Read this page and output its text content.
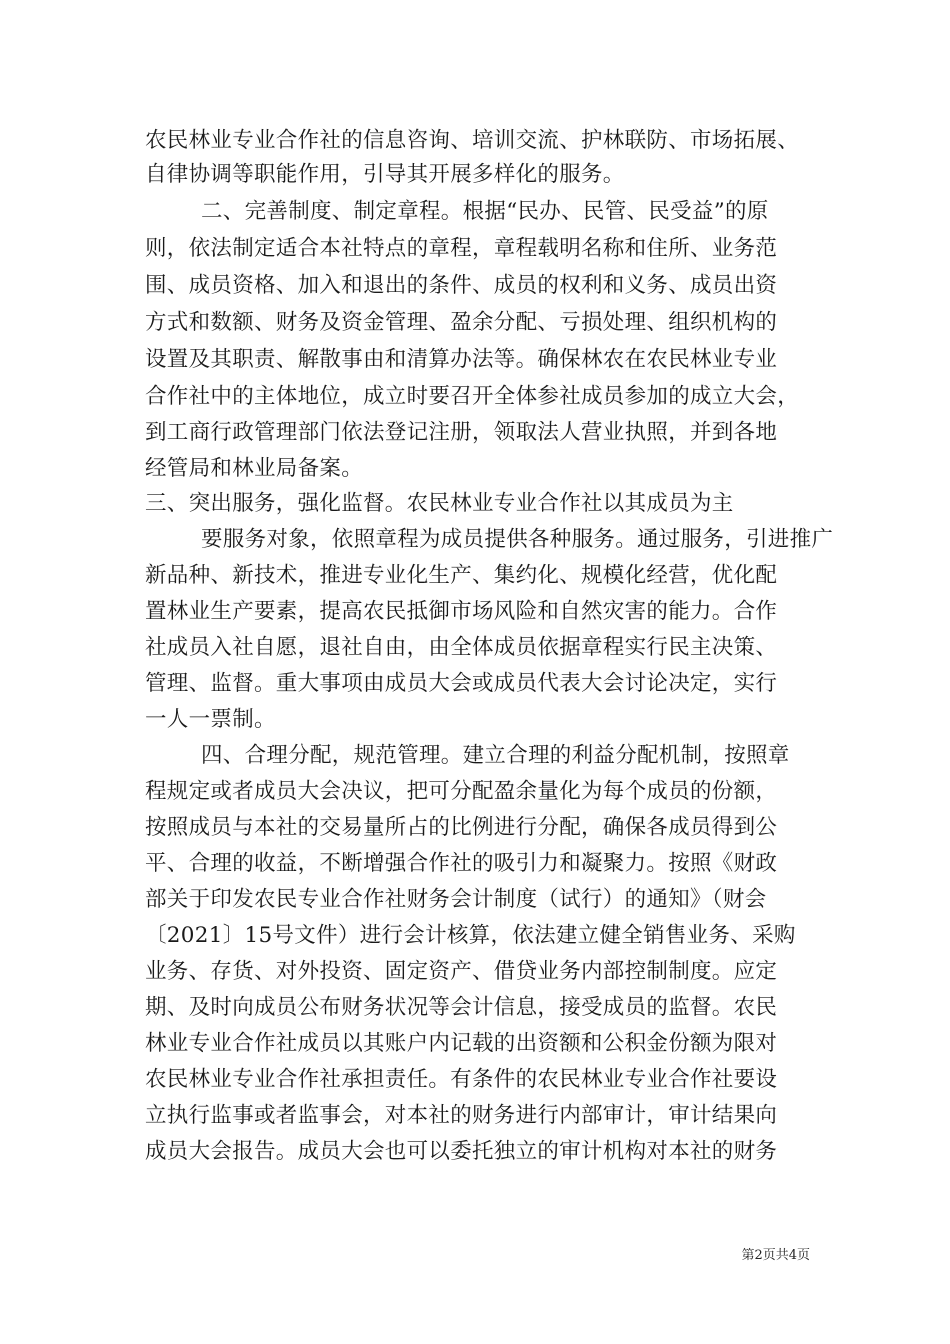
农民林业专业合作社的信息咨询、培训交流、护林联防、市场拓展、
自律协调等职能作用，引导其开展多样化的服务。
二、完善制度、制定章程。根据“民办、民管、民受益”的原
则，依法制定适合本社特点的章程，章程载明名称和住所、业务范
围、成员资格、加入和退出的条件、成员的权利和义务、成员出资
方式和数额、财务及资金管理、盈余分配、亏损处理、组织机构的
设置及其职责、解散事由和清算办法等。确保林农在农民林业专业
合作社中的主体地位，成立时要召开全体参社成员参加的成立大会，
到工商行政管理部门依法登记注册，领取法人营业执照，并到各地
经管局和林业局备案。
三、突出服务，强化监督。农民林业专业合作社以其成员为主
要服务对象，依照章程为成员提供各种服务。通过服务，引进推广
新品种、新技术，推进专业化生产、集约化、规模化经营，优化配
置林业生产要素，提高农民抵御市场风险和自然灾害的能力。合作
社成员入社自愿，退社自由，由全体成员依据章程实行民主决策、
管理、监督。重大事项由成员大会或成员代表大会讨论决定，实行
一人一票制。
四、合理分配，规范管理。建立合理的利益分配机制，按照章
程规定或者成员大会决议，把可分配盈余量化为每个成员的份额，
按照成员与本社的交易量所占的比例进行分配，确保各成员得到公
平、合理的收益，不断增强合作社的吸引力和凝聚力。按照《财政
部关于印发农民专业合作社财务会计制度（试行）的通知》（财会
〔2021〕15号文件）进行会计核算，依法建立健全销售业务、采购
业务、存货、对外投资、固定资产、借贷业务内部控制制度。应定
期、及时向成员公布财务状况等会计信息，接受成员的监督。农民
林业专业合作社成员以其账户内记载的出资额和公积金份额为限对
农民林业专业合作社承担责任。有条件的农民林业专业合作社要设
立执行监事或者监事会，对本社的财务进行内部审计，审计结果向
成员大会报告。成员大会也可以委托独立的审计机构对本社的财务
第2页共4页
